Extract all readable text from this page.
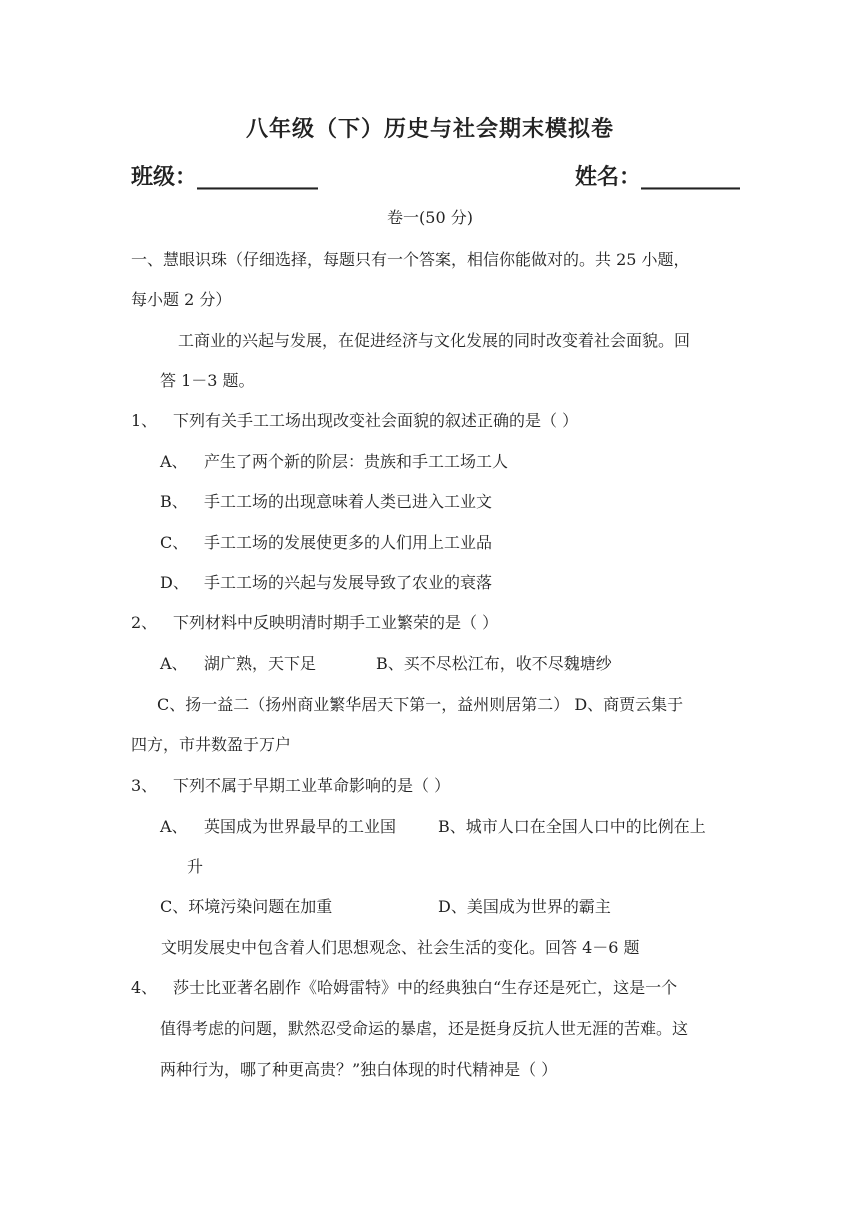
八年级（下）历史与社会期末模拟卷
班级：___________	姓名：_________
卷一(50 分)
一、慧眼识珠（仔细选择，每题只有一个答案，相信你能做对的。共 25 小题，
每小题 2 分）
工商业的兴起与发展，在促进经济与文化发展的同时改变着社会面貌。回
答 1－3 题。
1、 下列有关手工工场出现改变社会面貌的叙述正确的是（ ）
A、 产生了两个新的阶层：贵族和手工工场工人
B、 手工工场的出现意味着人类已进入工业文
C、 手工工场的发展使更多的人们用上工业品
D、 手工工场的兴起与发展导致了农业的衰落
2、 下列材料中反映明清时期手工业繁荣的是（ ）
A、 湖广熟，天下足	B、买不尽松江布，收不尽魏塘纱
C、扬一益二（扬州商业繁华居天下第一，益州则居第二） D、商贾云集于
四方，市井数盈于万户
3、 下列不属于早期工业革命影响的是（ ）
A、 英国成为世界最早的工业国	B、城市人口在全国人口中的比例在上
升
C、环境污染问题在加重	D、美国成为世界的霸主
文明发展史中包含着人们思想观念、社会生活的变化。回答 4－6 题
4、 莎士比亚著名剧作《哈姆雷特》中的经典独白“生存还是死亡，这是一个
值得考虑的问题，默然忍受命运的暴虐，还是挺身反抗人世无涯的苦难。这
两种行为，哪了种更高贵？”独白体现的时代精神是（ ）
